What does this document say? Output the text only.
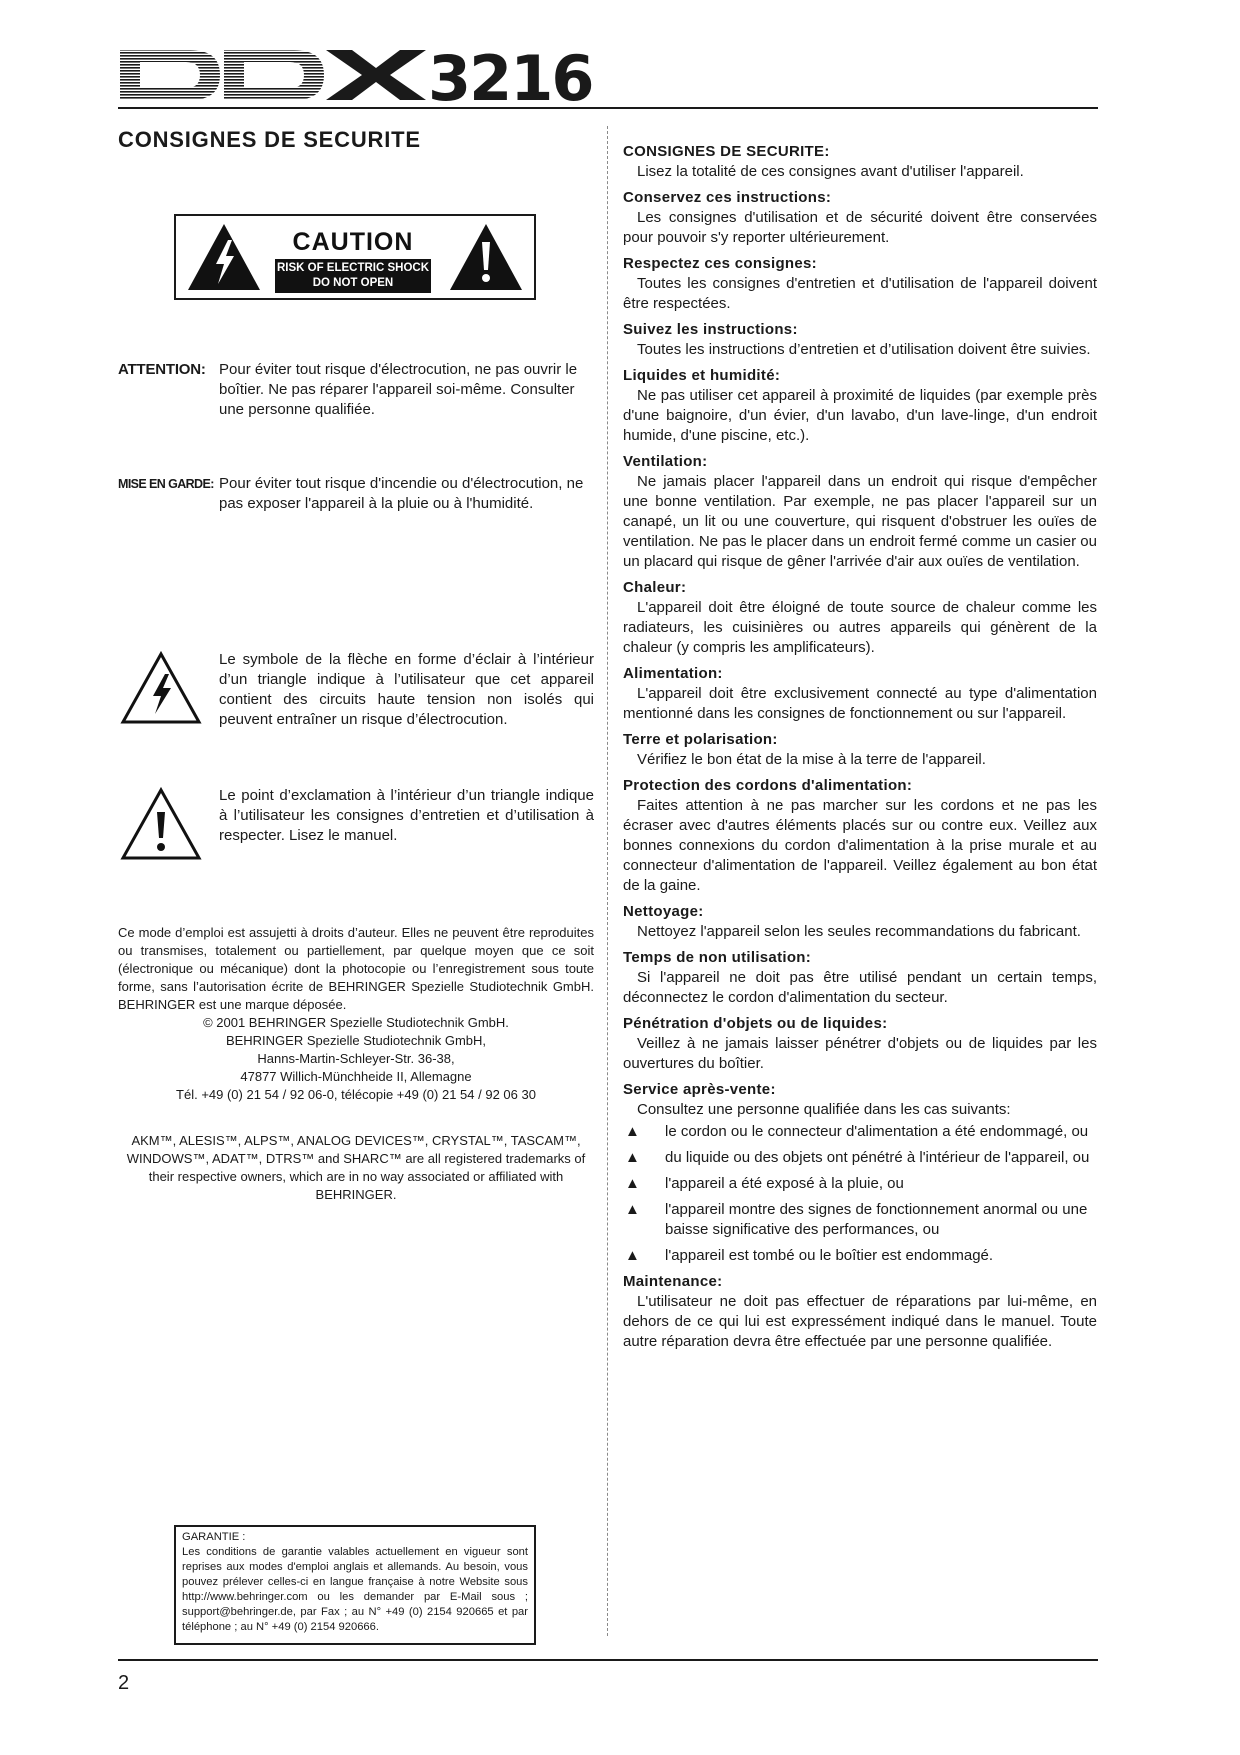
3216
CONSIGNES DE SECURITE
CAUTION
RISK OF ELECTRIC SHOCK
DO NOT OPEN
ATTENTION: Pour éviter tout risque d'électrocution, ne pas ouvrir le boîtier. Ne pas réparer l'appareil soi-même. Consulter une personne qualifiée.
MISE EN GARDE: Pour éviter tout risque d'incendie ou d'électrocution, ne pas exposer l'appareil à la pluie ou à l'humidité.
Le symbole de la flèche en forme d’éclair à l’intérieur d’un triangle indique à l’utilisateur que cet appareil contient des circuits haute tension non isolés qui peuvent entraîner un risque d’électrocution.
Le point d’exclamation à l’intérieur d’un triangle indique à l’utilisateur les consignes d’entretien et d’utilisation à respecter. Lisez le manuel.
Ce mode d’emploi est assujetti à droits d’auteur. Elles ne peuvent être reproduites ou transmises, totalement ou partiellement, par quelque moyen que ce soit (électronique ou mécanique) dont la photocopie ou l’enregistrement sous toute forme, sans l’autorisation écrite de BEHRINGER Spezielle Studiotechnik GmbH. BEHRINGER est une marque déposée.
© 2001 BEHRINGER Spezielle Studiotechnik GmbH.
BEHRINGER Spezielle Studiotechnik GmbH,
Hanns-Martin-Schleyer-Str. 36-38,
47877 Willich-Münchheide II, Allemagne
Tél. +49 (0) 21 54 / 92 06-0, télécopie +49 (0) 21 54 / 92 06 30
AKM™, ALESIS™, ALPS™, ANALOG DEVICES™, CRYSTAL™, TASCAM™, WINDOWS™, ADAT™, DTRS™ and SHARC™ are all registered trademarks of their respective owners, which are in no way associated or affiliated with BEHRINGER.
GARANTIE :
Les conditions de garantie valables actuellement en vigueur sont reprises aux modes d'emploi anglais et allemands. Au besoin, vous pouvez prélever celles-ci en langue française à notre Website sous http://www.behringer.com ou les demander par E-Mail sous ; support@behringer.de, par Fax ; au N° +49 (0) 2154 920665 et par téléphone ; au N° +49 (0) 2154 920666.
CONSIGNES DE SECURITE:
Lisez la totalité de ces consignes avant d'utiliser l'appareil.
Conservez ces instructions:
Les consignes d'utilisation et de sécurité doivent être conservées pour pouvoir s'y reporter ultérieurement.
Respectez ces consignes:
Toutes les consignes d'entretien et d'utilisation de l'appareil doivent être respectées.
Suivez les instructions:
Toutes les instructions d’entretien et d’utilisation doivent être suivies.
Liquides et humidité:
Ne pas utiliser cet appareil à proximité de liquides (par exemple près d'une baignoire, d'un évier, d'un lavabo, d'un lave-linge, d'un endroit humide, d'une piscine, etc.).
Ventilation:
Ne jamais placer l'appareil dans un endroit qui risque d'empêcher une bonne ventilation. Par exemple, ne pas placer l'appareil sur un canapé, un lit ou une couverture, qui risquent d'obstruer les ouïes de ventilation. Ne pas le placer dans un endroit fermé comme un casier ou un placard qui risque de gêner l'arrivée d'air aux ouïes de ventilation.
Chaleur:
L'appareil doit être éloigné de toute source de chaleur comme les radiateurs, les cuisinières ou autres appareils qui génèrent de la chaleur (y compris les amplificateurs).
Alimentation:
L'appareil doit être exclusivement connecté au type d'alimentation mentionné dans les consignes de fonctionnement ou sur l'appareil.
Terre et polarisation:
Vérifiez le bon état de la mise à la terre de l'appareil.
Protection des cordons d'alimentation:
Faites attention à ne pas marcher sur les cordons et ne pas les écraser avec d'autres éléments placés sur ou contre eux. Veillez aux bonnes connexions du cordon d'alimentation à la prise murale et au connecteur d'alimentation de l'appareil. Veillez également au bon état de la gaine.
Nettoyage:
Nettoyez l'appareil selon les seules recommandations du fabricant.
Temps de non utilisation:
Si l'appareil ne doit pas être utilisé pendant un certain temps, déconnectez le cordon d'alimentation du secteur.
Pénétration d'objets ou de liquides:
Veillez à ne jamais laisser pénétrer d'objets ou de liquides par les ouvertures du boîtier.
Service après-vente:
Consultez une personne qualifiée dans les cas suivants:
▲ le cordon ou le connecteur d'alimentation a été endommagé, ou
▲ du liquide ou des objets ont pénétré à l'intérieur de l'appareil, ou
▲ l'appareil a été exposé à la pluie, ou
▲ l'appareil montre des signes de fonctionnement anormal ou une baisse significative des performances, ou
▲ l'appareil est tombé ou le boîtier est endommagé.
Maintenance:
L'utilisateur ne doit pas effectuer de réparations par lui-même, en dehors de ce qui lui est expressément indiqué dans le manuel. Toute autre réparation devra être effectuée par une personne qualifiée.
2
